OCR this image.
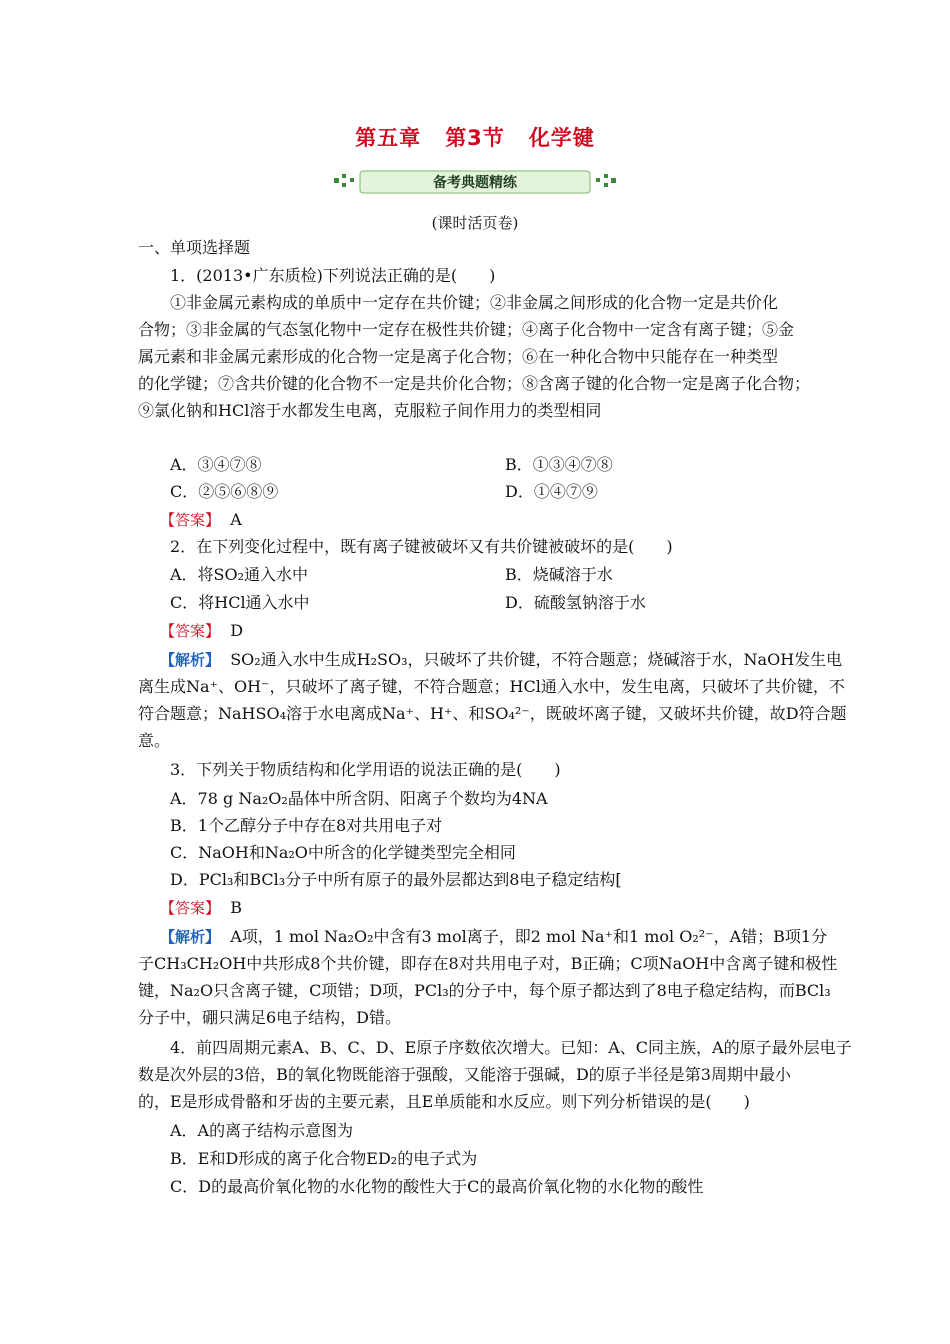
第五章 第3节 化学键
备考典题精练
(课时活页卷)
一、单项选择题
1．(2013•广东质检)下列说法正确的是(　　)
①非金属元素构成的单质中一定存在共价键；②非金属之间形成的化合物一定是共价化
合物；③非金属的气态氢化物中一定存在极性共价键；④离子化合物中一定含有离子键；⑤金
属元素和非金属元素形成的化合物一定是离子化合物；⑥在一种化合物中只能存在一种类型
的化学键；⑦含共价键的化合物不一定是共价化合物；⑧含离子键的化合物一定是离子化合物；
⑨氯化钠和HCl溶于水都发生电离，克服粒子间作用力的类型相同
A．③④⑦⑧	B．①③④⑦⑧
C．②⑤⑥⑧⑨	D．①④⑦⑨
【答案】 A
2．在下列变化过程中，既有离子键被破坏又有共价键被破坏的是(　　)
A．将SO₂通入水中	B．烧碱溶于水
C．将HCl通入水中	D．硫酸氢钠溶于水
【答案】 D
【解析】 SO₂通入水中生成H₂SO₃，只破坏了共价键，不符合题意；烧碱溶于水，NaOH发生电
离生成Na⁺、OH⁻，只破坏了离子键，不符合题意；HCl通入水中，发生电离，只破坏了共价键，不
符合题意；NaHSO₄溶于水电离成Na⁺、H⁺、和SO₄²⁻，既破坏离子键，又破坏共价键，故D符合题
意。
3．下列关于物质结构和化学用语的说法正确的是(　　)
A．78 g Na₂O₂晶体中所含阴、阳离子个数均为4NA
B．1个乙醇分子中存在8对共用电子对
C．NaOH和Na₂O中所含的化学键类型完全相同
D．PCl₃和BCl₃分子中所有原子的最外层都达到8电子稳定结构[
【答案】 B
【解析】 A项，1 mol Na₂O₂中含有3 mol离子，即2 mol Na⁺和1 mol O₂²⁻，A错；B项1分
子CH₃CH₂OH中共形成8个共价键，即存在8对共用电子对，B正确；C项NaOH中含离子键和极性
键，Na₂O只含离子键，C项错；D项，PCl₃的分子中，每个原子都达到了8电子稳定结构，而BCl₃
分子中，硼只满足6电子结构，D错。
4．前四周期元素A、B、C、D、E原子序数依次增大。已知：A、C同主族，A的原子最外层电子
数是次外层的3倍，B的氧化物既能溶于强酸，又能溶于强碱，D的原子半径是第3周期中最小
的，E是形成骨骼和牙齿的主要元素，且E单质能和水反应。则下列分析错误的是(　　)
A．A的离子结构示意图为
B．E和D形成的离子化合物ED₂的电子式为
C．D的最高价氧化物的水化物的酸性大于C的最高价氧化物的水化物的酸性
